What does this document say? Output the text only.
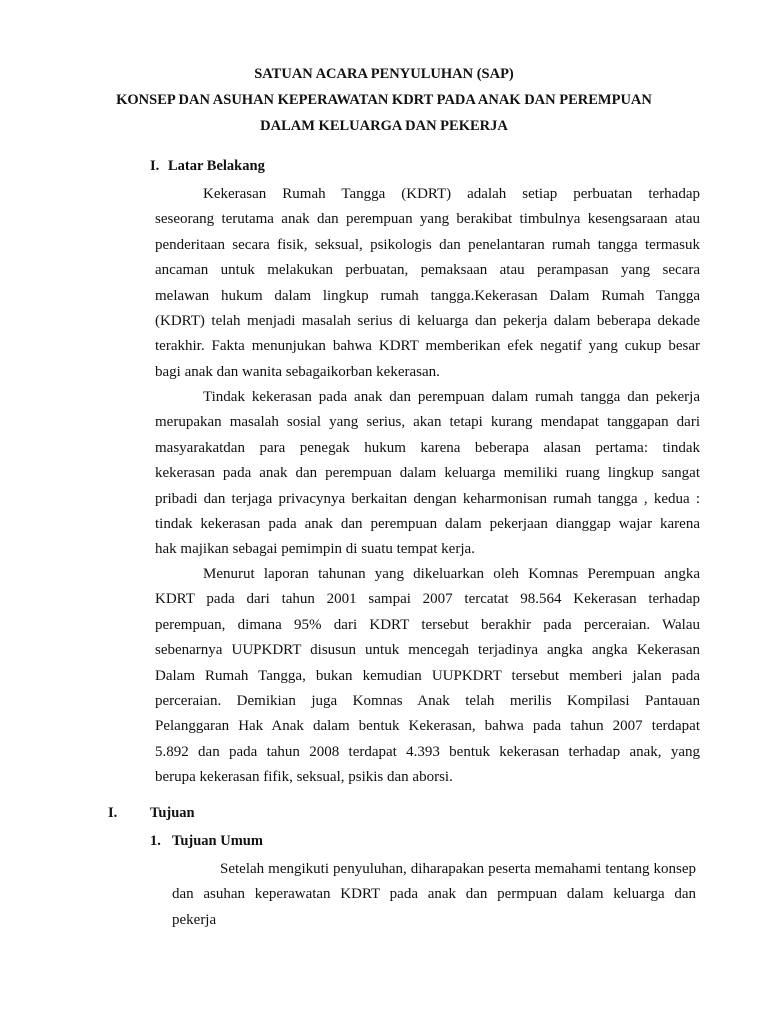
SATUAN ACARA PENYULUHAN (SAP)
KONSEP DAN ASUHAN KEPERAWATAN KDRT PADA ANAK DAN PEREMPUAN
DALAM KELUARGA DAN PEKERJA
I. Latar Belakang
Kekerasan Rumah Tangga (KDRT) adalah setiap perbuatan terhadap
seseorang terutama anak dan perempuan yang berakibat timbulnya kesengsaraan atau
penderitaan secara fisik, seksual, psikologis dan penelantaran rumah tangga termasuk
ancaman untuk melakukan perbuatan, pemaksaan atau perampasan yang secara
melawan hukum dalam lingkup rumah tangga.Kekerasan Dalam Rumah Tangga
(KDRT) telah menjadi masalah serius di keluarga dan pekerja dalam beberapa dekade
terakhir. Fakta menunjukan bahwa KDRT memberikan efek negatif yang cukup besar
bagi anak dan wanita sebagaikorban kekerasan.
Tindak kekerasan pada anak dan perempuan dalam rumah tangga dan pekerja
merupakan masalah sosial yang serius, akan tetapi kurang mendapat tanggapan dari
masyarakatdan para penegak hukum karena beberapa alasan pertama: tindak
kekerasan pada anak dan perempuan dalam keluarga memiliki ruang lingkup sangat
pribadi dan terjaga privacynya berkaitan dengan keharmonisan rumah tangga , kedua :
tindak kekerasan pada anak dan perempuan dalam pekerjaan dianggap wajar karena
hak majikan sebagai pemimpin di suatu tempat kerja.
Menurut laporan tahunan yang dikeluarkan oleh Komnas Perempuan angka
KDRT pada dari tahun 2001 sampai 2007 tercatat 98.564 Kekerasan terhadap
perempuan, dimana 95% dari KDRT tersebut berakhir pada perceraian. Walau
sebenarnya UUPKDRT disusun untuk mencegah terjadinya angka angka Kekerasan
Dalam Rumah Tangga, bukan kemudian UUPKDRT tersebut memberi jalan pada
perceraian. Demikian juga Komnas Anak telah merilis Kompilasi Pantauan
Pelanggaran Hak Anak dalam bentuk Kekerasan, bahwa pada tahun 2007 terdapat
5.892 dan pada tahun 2008 terdapat 4.393 bentuk kekerasan terhadap anak, yang
berupa kekerasan fifik, seksual, psikis dan aborsi.
I. Tujuan
1. Tujuan Umum
Setelah mengikuti penyuluhan, diharapakan peserta memahami tentang konsep
dan asuhan keperawatan KDRT pada anak dan permpuan dalam keluarga dan
pekerja
